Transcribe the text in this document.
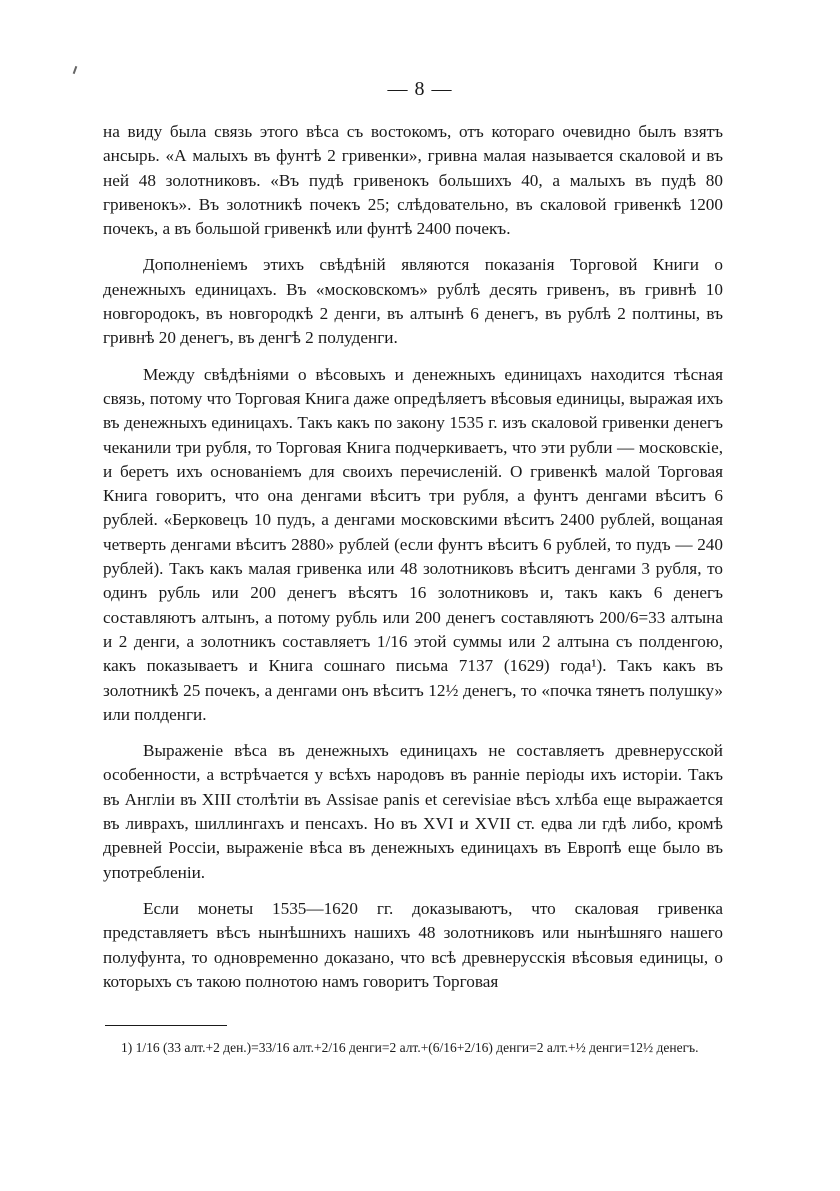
— 8 —

на виду была связь этого вѣса съ востокомъ, отъ котораго очевидно былъ взятъ ансырь. «А малыхъ въ фунтѣ 2 гривенки», гривна малая называется скаловой и въ ней 48 золотниковъ. «Въ пудѣ гривенокъ большихъ 40, а малыхъ въ пудѣ 80 гривенокъ». Въ золотникѣ почекъ 25; слѣдовательно, въ скаловой гривенкѣ 1200 почекъ, а въ большой гривенкѣ или фунтѣ 2400 почекъ.

Дополненіемъ этихъ свѣдѣній являются показанія Торговой Книги о денежныхъ единицахъ. Въ «московскомъ» рублѣ десять гривенъ, въ гривнѣ 10 новгородокъ, въ новгородкѣ 2 денги, въ алтынѣ 6 денегъ, въ рублѣ 2 полтины, въ гривнѣ 20 денегъ, въ денгѣ 2 полуденги.

Между свѣдѣніями о вѣсовыхъ и денежныхъ единицахъ находится тѣсная связь, потому что Торговая Книга даже опредѣляетъ вѣсовыя единицы, выражая ихъ въ денежныхъ единицахъ. Такъ какъ по закону 1535 г. изъ скаловой гривенки денегъ чеканили три рубля, то Торговая Книга подчеркиваетъ, что эти рубли — московскіе, и беретъ ихъ основаніемъ для своихъ перечисленій. О гривенкѣ малой Торговая Книга говоритъ, что она денгами вѣситъ три рубля, а фунтъ денгами вѣситъ 6 рублей. «Берковецъ 10 пудъ, а денгами московскими вѣситъ 2400 рублей, вощаная четверть денгами вѣситъ 2880» рублей (если фунтъ вѣситъ 6 рублей, то пудъ — 240 рублей). Такъ какъ малая гривенка или 48 золотниковъ вѣситъ денгами 3 рубля, то одинъ рубль или 200 денегъ вѣсятъ 16 золотниковъ и, такъ какъ 6 денегъ составляютъ алтынъ, а потому рубль или 200 денегъ составляютъ 200/6=33 алтына и 2 денги, а золотникъ составляетъ 1/16 этой суммы или 2 алтына съ полденгою, какъ показываетъ и Книга сошнаго письма 7137 (1629) года¹). Такъ какъ въ золотникѣ 25 почекъ, а денгами онъ вѣситъ 12½ денегъ, то «почка тянетъ полушку» или полденги.

Выраженіе вѣса въ денежныхъ единицахъ не составляетъ древнерусской особенности, а встрѣчается у всѣхъ народовъ въ ранніе періоды ихъ исторіи. Такъ въ Англіи въ XIII столѣтіи въ Assisae panis et cerevisiae вѣсъ хлѣба еще выражается въ ливрахъ, шиллингахъ и пенсахъ. Но въ XVI и XVII ст. едва ли гдѣ либо, кромѣ древней Россіи, выраженіе вѣса въ денежныхъ единицахъ въ Европѣ еще было въ употребленіи.

Если монеты 1535—1620 гг. доказываютъ, что скаловая гривенка представляетъ вѣсъ нынѣшнихъ нашихъ 48 золотниковъ или нынѣшняго нашего полуфунта, то одновременно доказано, что всѣ древнерусскія вѣсовыя единицы, о которыхъ съ такою полнотою намъ говоритъ Торговая

1) 1/16 (33 алт.+2 ден.)=33/16 алт.+2/16 денги=2 алт.+(6/16+2/16) денги=2 алт.+½ денги=12½ денегъ.
